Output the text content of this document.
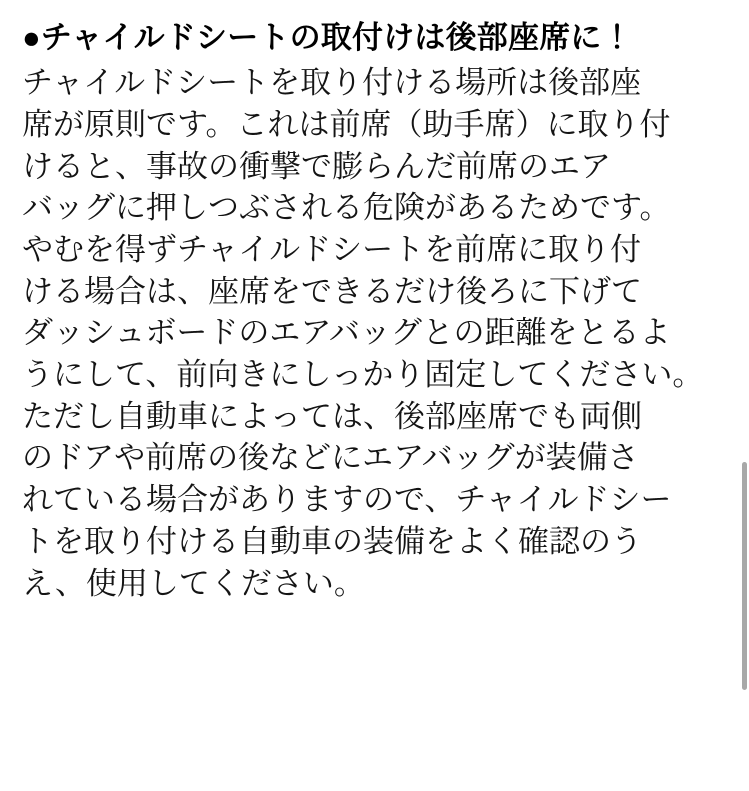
●チャイルドシートの取付けは後部座席に！

チャイルドシートを取り付ける場所は後部座

席が原則です。これは前席（助手席）に取り付

けると、事故の衝撃で膨らんだ前席のエア

バッグに押しつぶされる危険があるためです。

やむを得ずチャイルドシートを前席に取り付

ける場合は、座席をできるだけ後ろに下げて

ダッシュボードのエアバッグとの距離をとるよ

うにして、前向きにしっかり固定してください。

ただし自動車によっては、後部座席でも両側

のドアや前席の後などにエアバッグが装備さ

れている場合がありますので、チャイルドシー

トを取り付ける自動車の装備をよく確認のう

え、使用してください。
